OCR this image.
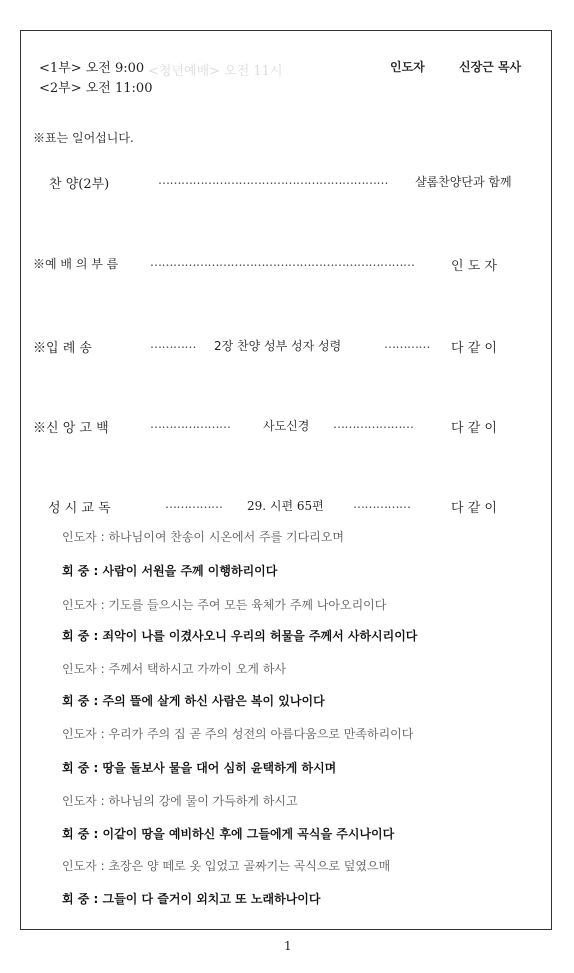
<1부> 오전 9:00 <청년예배> 오전 11시
<2부> 오전 11:00
인도자	신장근 목사
※표는 일어섭니다.
찬 양(2부)	…………………………………………………… 샬롬찬양단과 함께
※예 배 의 부 름	……………………………………………………………	인 도 자
※입 례 송	………… 2장 찬양 성부 성자 성령	………… 다 같 이
※신 앙 고 백	…………………	사도신경 …………………	다 같 이
성 시 교 독	…………… 29. 시편 65편 ……………	다 같 이
인도자 : 하나님이여 찬송이 시온에서 주를 기다리오며
회 중 : 사람이 서원을 주께 이행하리이다
인도자 : 기도를 들으시는 주여 모든 육체가 주께 나아오리이다
회 중 : 죄악이 나를 이겼사오니 우리의 허물을 주께서 사하시리이다
인도자 : 주께서 택하시고 가까이 오게 하사
회 중 : 주의 뜰에 살게 하신 사람은 복이 있나이다
인도자 : 우리가 주의 집 곧 주의 성전의 아름다움으로 만족하리이다
회 중 : 땅을 돌보사 물을 대어 심히 윤택하게 하시며
인도자 : 하나님의 강에 물이 가득하게 하시고
회 중 : 이같이 땅을 예비하신 후에 그들에게 곡식을 주시나이다
인도자 : 초장은 양 떼로 옷 입었고 골짜기는 곡식으로 덮였으매
회 중 : 그들이 다 즐거이 외치고 또 노래하나이다
1
